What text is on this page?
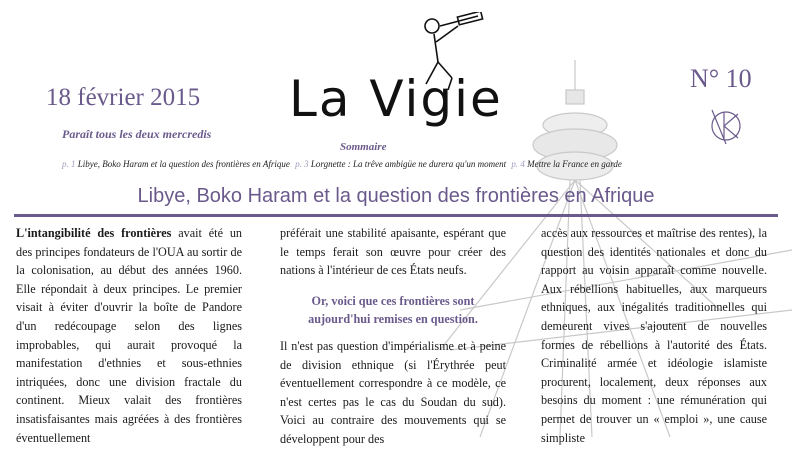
18 février 2015
Paraît tous les deux mercredis
La Vigie	N° 10
Sommaire
p. 1 Libye, Boko Haram et la question des frontières en Afrique p. 3 Lorgnette : La trêve ambigüe ne durera qu'un moment p. 4 Mettre la France en garde
Libye, Boko Haram et la question des frontières en Afrique

L'intangibilité des frontières avait été un des principes fondateurs de l'OUA au sortir de la colonisation, au début des années 1960. Elle répondait à deux principes. Le premier visait à éviter d'ouvrir la boîte de Pandore d'un redécoupage selon des lignes improbables, qui aurait provoqué la manifestation d'ethnies et sous-ethnies intriquées, donc une division fractale du continent. Mieux valait des frontières insatisfaisantes mais agréées à des frontières éventuellement

préférait une stabilité apaisante, espérant que le temps ferait son œuvre pour créer des nations à l'intérieur de ces États neufs.

Or, voici que ces frontières sont aujourd'hui remises en question.

Il n'est pas question d'impérialisme et à peine de division ethnique (si l'Érythrée peut éventuellement correspondre à ce modèle, ce n'est certes pas le cas du Soudan du sud). Voici au contraire des mouvements qui se développent pour des

accès aux ressources et maîtrise des rentes), la question des identités nationales et donc du rapport au voisin apparaît comme nouvelle. Aux rébellions habituelles, aux marqueurs ethniques, aux inégalités traditionnelles qui demeurent vives s'ajoutent de nouvelles formes de rébellions à l'autorité des États. Criminalité armée et idéologie islamiste procurent, localement, deux réponses aux besoins du moment : une rémunération qui permet de trouver un « emploi », une cause simpliste
